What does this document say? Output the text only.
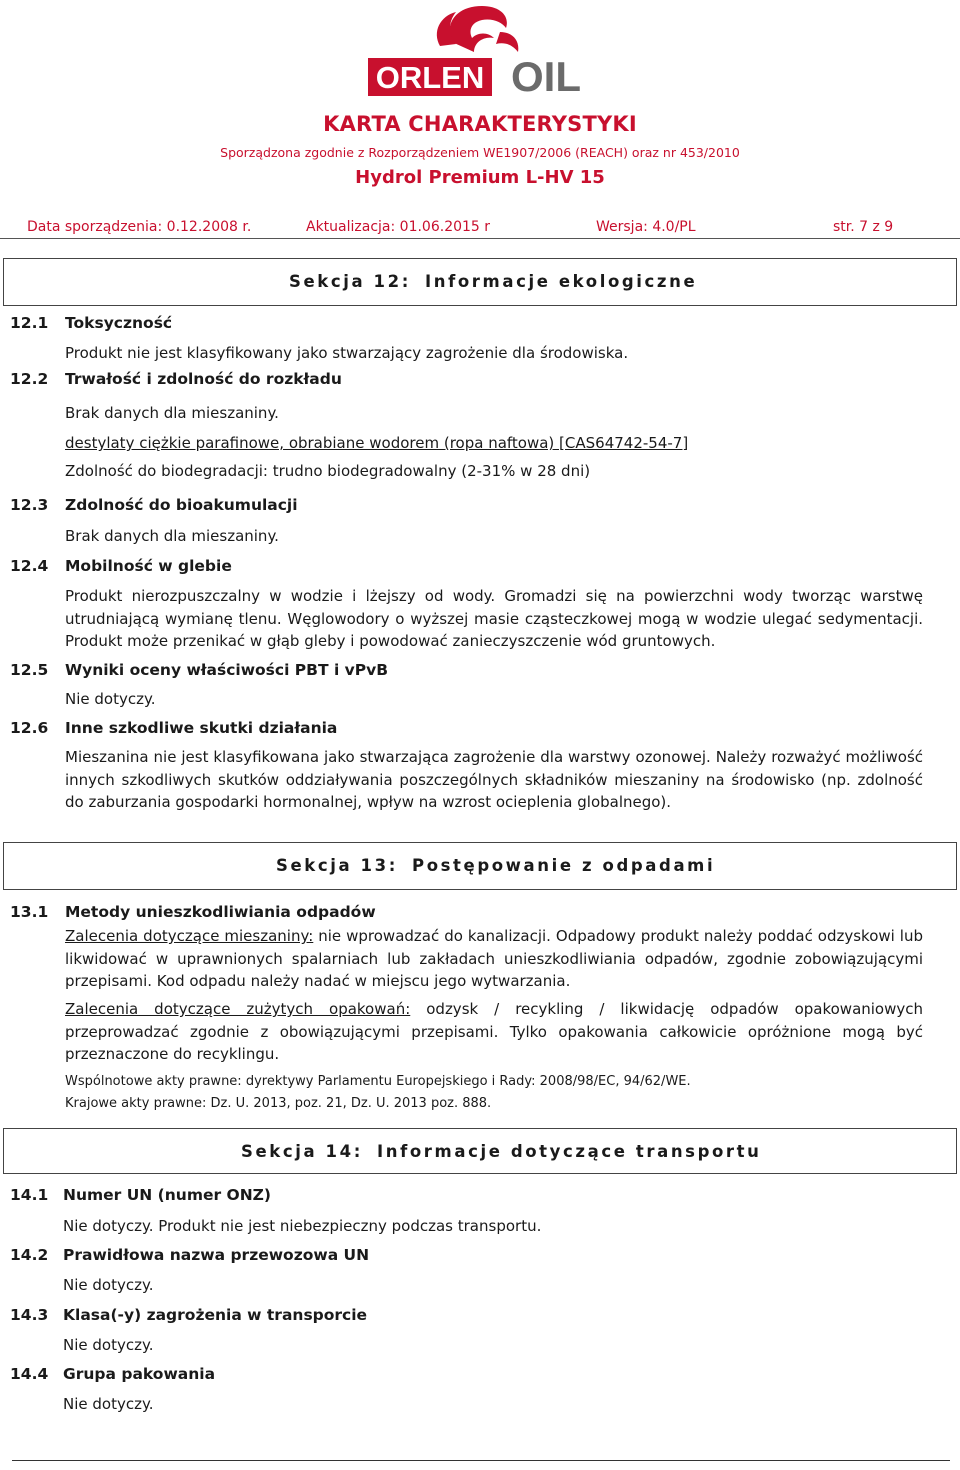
ORLEN OIL
KARTA CHARAKTERYSTYKI
Sporządzona zgodnie z Rozporządzeniem WE1907/2006 (REACH) oraz nr 453/2010
Hydrol Premium L-HV 15
Data sporządzenia: 0.12.2008 r.	Aktualizacja: 01.06.2015 r	Wersja: 4.0/PL	str. 7 z 9
Sekcja 12: Informacje ekologiczne
12.1 Toksyczność
Produkt nie jest klasyfikowany jako stwarzający zagrożenie dla środowiska.
12.2 Trwałość i zdolność do rozkładu
Brak danych dla mieszaniny.
destylaty ciężkie parafinowe, obrabiane wodorem (ropa naftowa) [CAS64742-54-7]
Zdolność do biodegradacji: trudno biodegradowalny (2-31% w 28 dni)
12.3 Zdolność do bioakumulacji
Brak danych dla mieszaniny.
12.4 Mobilność w glebie
Produkt nierozpuszczalny w wodzie i lżejszy od wody. Gromadzi się na powierzchni wody tworząc warstwę utrudniającą wymianę tlenu. Węglowodory o wyższej masie cząsteczkowej mogą w wodzie ulegać sedymentacji. Produkt może przenikać w głąb gleby i powodować zanieczyszczenie wód gruntowych.
12.5 Wyniki oceny właściwości PBT i vPvB
Nie dotyczy.
12.6 Inne szkodliwe skutki działania
Mieszanina nie jest klasyfikowana jako stwarzająca zagrożenie dla warstwy ozonowej. Należy rozważyć możliwość innych szkodliwych skutków oddziaływania poszczególnych składników mieszaniny na środowisko (np. zdolność do zaburzania gospodarki hormonalnej, wpływ na wzrost ocieplenia globalnego).
Sekcja 13: Postępowanie z odpadami
13.1 Metody unieszkodliwiania odpadów
Zalecenia dotyczące mieszaniny: nie wprowadzać do kanalizacji. Odpadowy produkt należy poddać odzyskowi lub likwidować w uprawnionych spalarniach lub zakładach unieszkodliwiania odpadów, zgodnie zobowiązującymi przepisami. Kod odpadu należy nadać w miejscu jego wytwarzania.
Zalecenia dotyczące zużytych opakowań: odzysk / recykling / likwidację odpadów opakowaniowych przeprowadzać zgodnie z obowiązującymi przepisami. Tylko opakowania całkowicie opróżnione mogą być przeznaczone do recyklingu.
Wspólnotowe akty prawne: dyrektywy Parlamentu Europejskiego i Rady: 2008/98/EC, 94/62/WE.
Krajowe akty prawne: Dz. U. 2013, poz. 21, Dz. U. 2013 poz. 888.
Sekcja 14: Informacje dotyczące transportu
14.1 Numer UN (numer ONZ)
Nie dotyczy. Produkt nie jest niebezpieczny podczas transportu.
14.2 Prawidłowa nazwa przewozowa UN
Nie dotyczy.
14.3 Klasa(-y) zagrożenia w transporcie
Nie dotyczy.
14.4 Grupa pakowania
Nie dotyczy.
